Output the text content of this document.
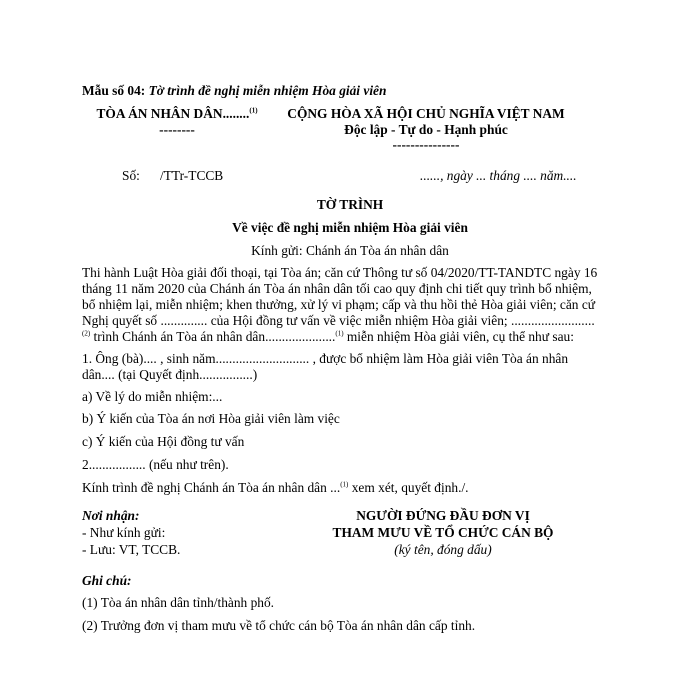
Mẫu số 04: Tờ trình đề nghị miễn nhiệm Hòa giải viên
TÒA ÁN NHÂN DÂN........$^{(1)}$
--------
CỘNG HÒA XÃ HỘI CHỦ NGHĨA VIỆT NAM
Độc lập - Tự do - Hạnh phúc
---------------
Số: /TTr-TCCB	......, ngày ... tháng .... năm....
TỜ TRÌNH
Về việc đề nghị miễn nhiệm Hòa giải viên
Kính gửi: Chánh án Tòa án nhân dân
Thi hành Luật Hòa giải đối thoại, tại Tòa án; căn cứ Thông tư số 04/2020/TT-TANDTC ngày 16
tháng 11 năm 2020 của Chánh án Tòa án nhân dân tối cao quy định chi tiết quy trình bổ nhiệm,
bổ nhiệm lại, miễn nhiệm; khen thưởng, xử lý vi phạm; cấp và thu hồi thẻ Hòa giải viên; căn cứ
Nghị quyết số .............. của Hội đồng tư vấn về việc miễn nhiệm Hòa giải viên; .........................
$^{(2)}$ trình Chánh án Tòa án nhân dân.....................$^{(1)}$ miễn nhiệm Hòa giải viên, cụ thể như sau:
1. Ông (bà).... , sinh năm............................ , được bổ nhiệm làm Hòa giải viên Tòa án nhân
dân.... (tại Quyết định................)
a) Về lý do miễn nhiệm:...
b) Ý kiến của Tòa án nơi Hòa giải viên làm việc
c) Ý kiến của Hội đồng tư vấn
2................. (nếu như trên).
Kính trình đề nghị Chánh án Tòa án nhân dân ...$^{(1)}$ xem xét, quyết định./.
Nơi nhận:
- Như kính gửi:
- Lưu: VT, TCCB.
NGƯỜI ĐỨNG ĐẦU ĐƠN VỊ
THAM MƯU VỀ TỔ CHỨC CÁN BỘ
(ký tên, đóng dấu)
Ghi chú:
(1) Tòa án nhân dân tỉnh/thành phố.
(2) Trưởng đơn vị tham mưu về tổ chức cán bộ Tòa án nhân dân cấp tỉnh.
